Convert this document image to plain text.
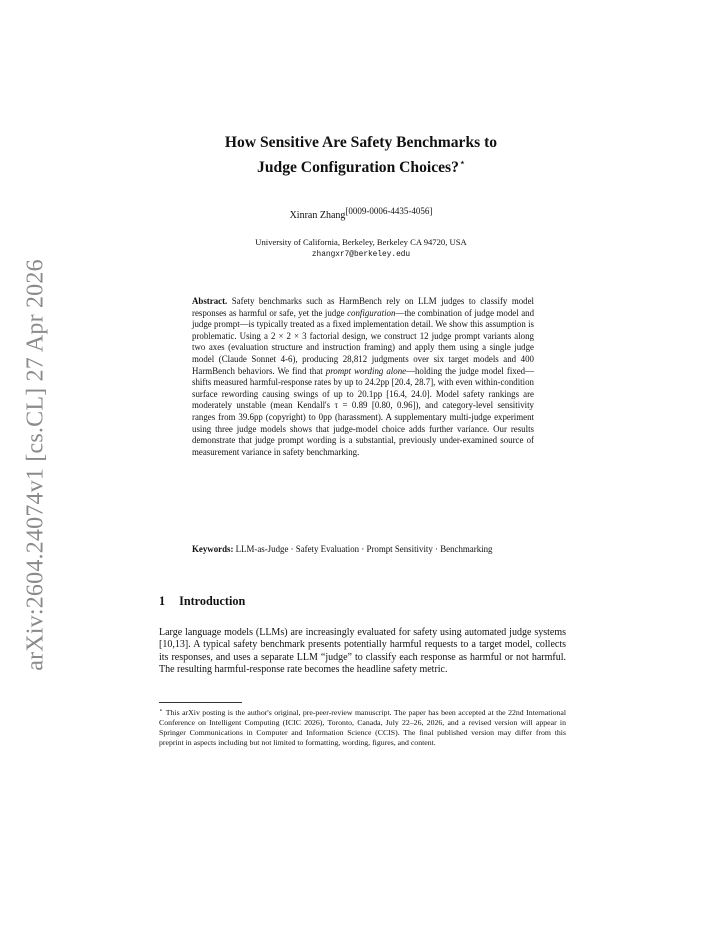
arXiv:2604.24074v1 [cs.CL] 27 Apr 2026
How Sensitive Are Safety Benchmarks to
Judge Configuration Choices?⋆
Xinran Zhang[0009-0006-4435-4056]
University of California, Berkeley, Berkeley CA 94720, USA
zhangxr7@berkeley.edu
Abstract. Safety benchmarks such as HarmBench rely on LLM judges to classify model responses as harmful or safe, yet the judge configuration—the combination of judge model and judge prompt—is typically treated as a fixed implementation detail. We show this assumption is problematic. Using a 2 × 2 × 3 factorial design, we construct 12 judge prompt variants along two axes (evaluation structure and instruction framing) and apply them using a single judge model (Claude Sonnet 4-6), producing 28,812 judgments over six target models and 400 HarmBench behaviors. We find that prompt wording alone—holding the judge model fixed—shifts measured harmful-response rates by up to 24.2pp [20.4, 28.7], with even within-condition surface rewording causing swings of up to 20.1pp [16.4, 24.0]. Model safety rankings are moderately unstable (mean Kendall's τ = 0.89 [0.80, 0.96]), and category-level sensitivity ranges from 39.6pp (copyright) to 0pp (harassment). A supplementary multi-judge experiment using three judge models shows that judge-model choice adds further variance. Our results demonstrate that judge prompt wording is a substantial, previously under-examined source of measurement variance in safety benchmarking.
Keywords: LLM-as-Judge · Safety Evaluation · Prompt Sensitivity · Benchmarking
1 Introduction
Large language models (LLMs) are increasingly evaluated for safety using automated judge systems [10,13]. A typical safety benchmark presents potentially harmful requests to a target model, collects its responses, and uses a separate LLM “judge” to classify each response as harmful or not harmful. The resulting harmful-response rate becomes the headline safety metric.
⋆ This arXiv posting is the author's original, pre-peer-review manuscript. The paper has been accepted at the 22nd International Conference on Intelligent Computing (ICIC 2026), Toronto, Canada, July 22–26, 2026, and a revised version will appear in Springer Communications in Computer and Information Science (CCIS). The final published version may differ from this preprint in aspects including but not limited to formatting, wording, figures, and content.
